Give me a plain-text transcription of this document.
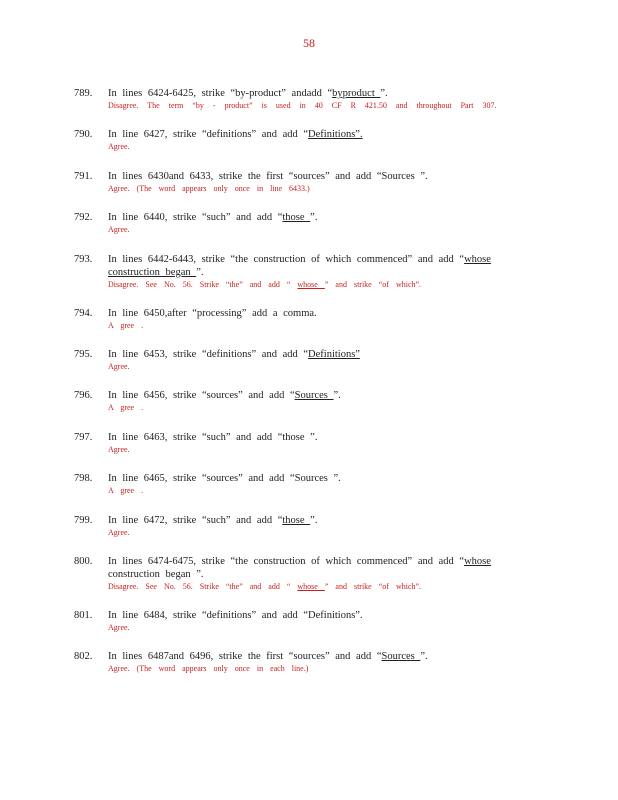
58
789. In lines 6424-6425, strike “by-product” andadd “byproduct ”.
Disagree. The term “by - product” is used in 40 CF R 421.50 and throughout Part 307.
790. In line 6427, strike “definitions” and add “Definitions”.
Agree.
791. In lines 6430and 6433, strike the first “sources” and add “Sources ”.
Agree. (The word appears only once in line 6433.)
792. In line 6440, strike “such” and add “those ”.
Agree.
793. In lines 6442-6443, strike “the construction of which commenced” and add “whose construction began ”.
Disagree. See No. 56. Strike “the” and add “ whose ” and strike “of which”.
794. In line 6450,after “processing” add a comma.
A gree .
795. In line 6453, strike “definitions” and add “Definitions”
Agree.
796. In line 6456, strike “sources” and add “Sources ”.
A gree .
797. In line 6463, strike “such” and add “those ”.
Agree.
798. In line 6465, strike “sources” and add “Sources ”.
A gree .
799. In line 6472, strike “such” and add “those ”.
Agree.
800. In lines 6474-6475, strike “the construction of which commenced” and add “whose construction began ”.
Disagree. See No. 56. Strike “the” and add “ whose ” and strike “of which”.
801. In line 6484, strike “definitions” and add “Definitions”.
Agree.
802. In lines 6487and 6496, strike the first “sources” and add “Sources ”.
Agree. (The word appears only once in each line.)
